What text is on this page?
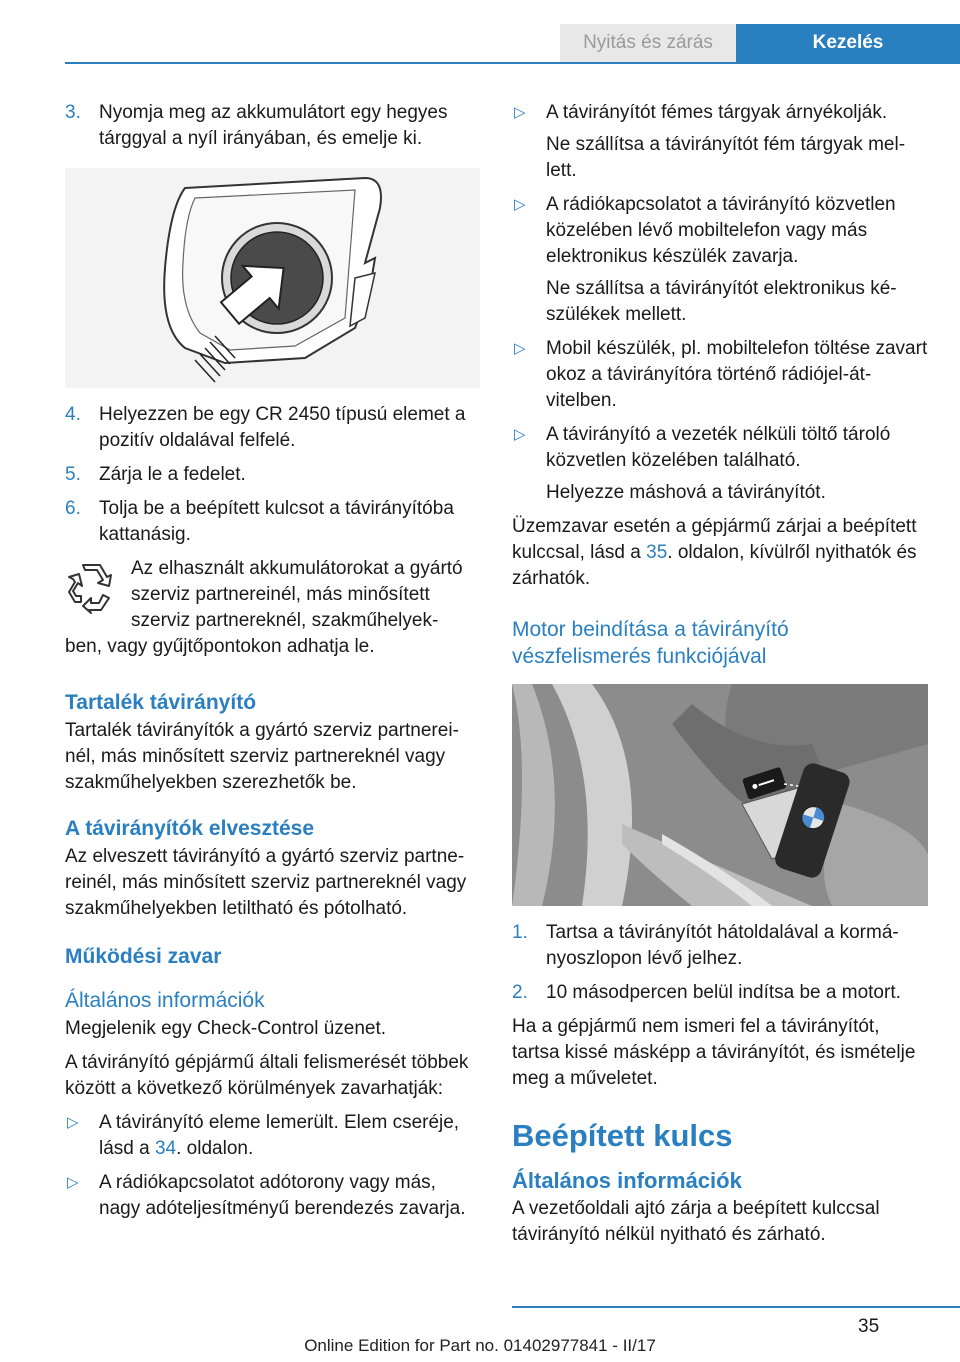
Nyitás és zárás	Kezelés
3. Nyomja meg az akkumulátort egy hegyes tárggyal a nyíl irányában, és emelje ki.
4. Helyezzen be egy CR 2450 típusú elemet a pozitív oldalával felfelé.
5. Zárja le a fedelet.
6. Tolja be a beépített kulcsot a távirányítóba kattanásig.
Az elhasznált akkumulátorokat a gyártó szerviz partnereinél, más minősített szerviz partnereknél, szakműhelyek-
ben, vagy gyűjtőpontokon adhatja le.
Tartalék távirányító

Tartalék távirányítók a gyártó szerviz partnereinél, más minősített szerviz partnereknél vagy szakműhelyekben szerezhetők be.

A távirányítók elvesztése

Az elveszett távirányító a gyártó szerviz partnereinél, más minősített szerviz partnereknél vagy szakműhelyekben letiltható és pótolható.

Működési zavar
Általános információk

Megjelenik egy Check-Control üzenet.

A távirányító gépjármű általi felismerését többek között a következő körülmények zavarhatják:

▷ A távirányító eleme lemerült. Elem cseréje, lásd a 34. oldalon.
▷ A rádiókapcsolatot adótorony vagy más, nagy adóteljesítményű berendezés zavarja.
▷ A távirányítót fémes tárgyak árnyékolják.
Ne szállítsa a távirányítót fém tárgyak mellett.
▷ A rádiókapcsolatot a távirányító közvetlen közelében lévő mobiltelefon vagy más elektronikus készülék zavarja.
Ne szállítsa a távirányítót elektronikus készülékek mellett.
▷ Mobil készülék, pl. mobiltelefon töltése zavart okoz a távirányítóra történő rádiójel-átvitelben.
▷ A távirányító a vezeték nélküli töltő tároló közvetlen közelében található.
Helyezze máshová a távirányítót.

Üzemzavar esetén a gépjármű zárjai a beépített kulccsal, lásd a 35. oldalon, kívülről nyithatók és zárhatók.

Motor beindítása a távirányító vészfelismerés funkciójával
1. Tartsa a távirányítót hátoldalával a kormányoszlopon lévő jelhez.
2. 10 másodpercen belül indítsa be a motort.

Ha a gépjármű nem ismeri fel a távirányítót, tartsa kissé másképp a távirányítót, és ismételje meg a műveletet.

Beépített kulcs
Általános információk

A vezetőoldali ajtó zárja a beépített kulccsal távirányító nélkül nyitható és zárható.

35
Online Edition for Part no. 01402977841 - II/17
